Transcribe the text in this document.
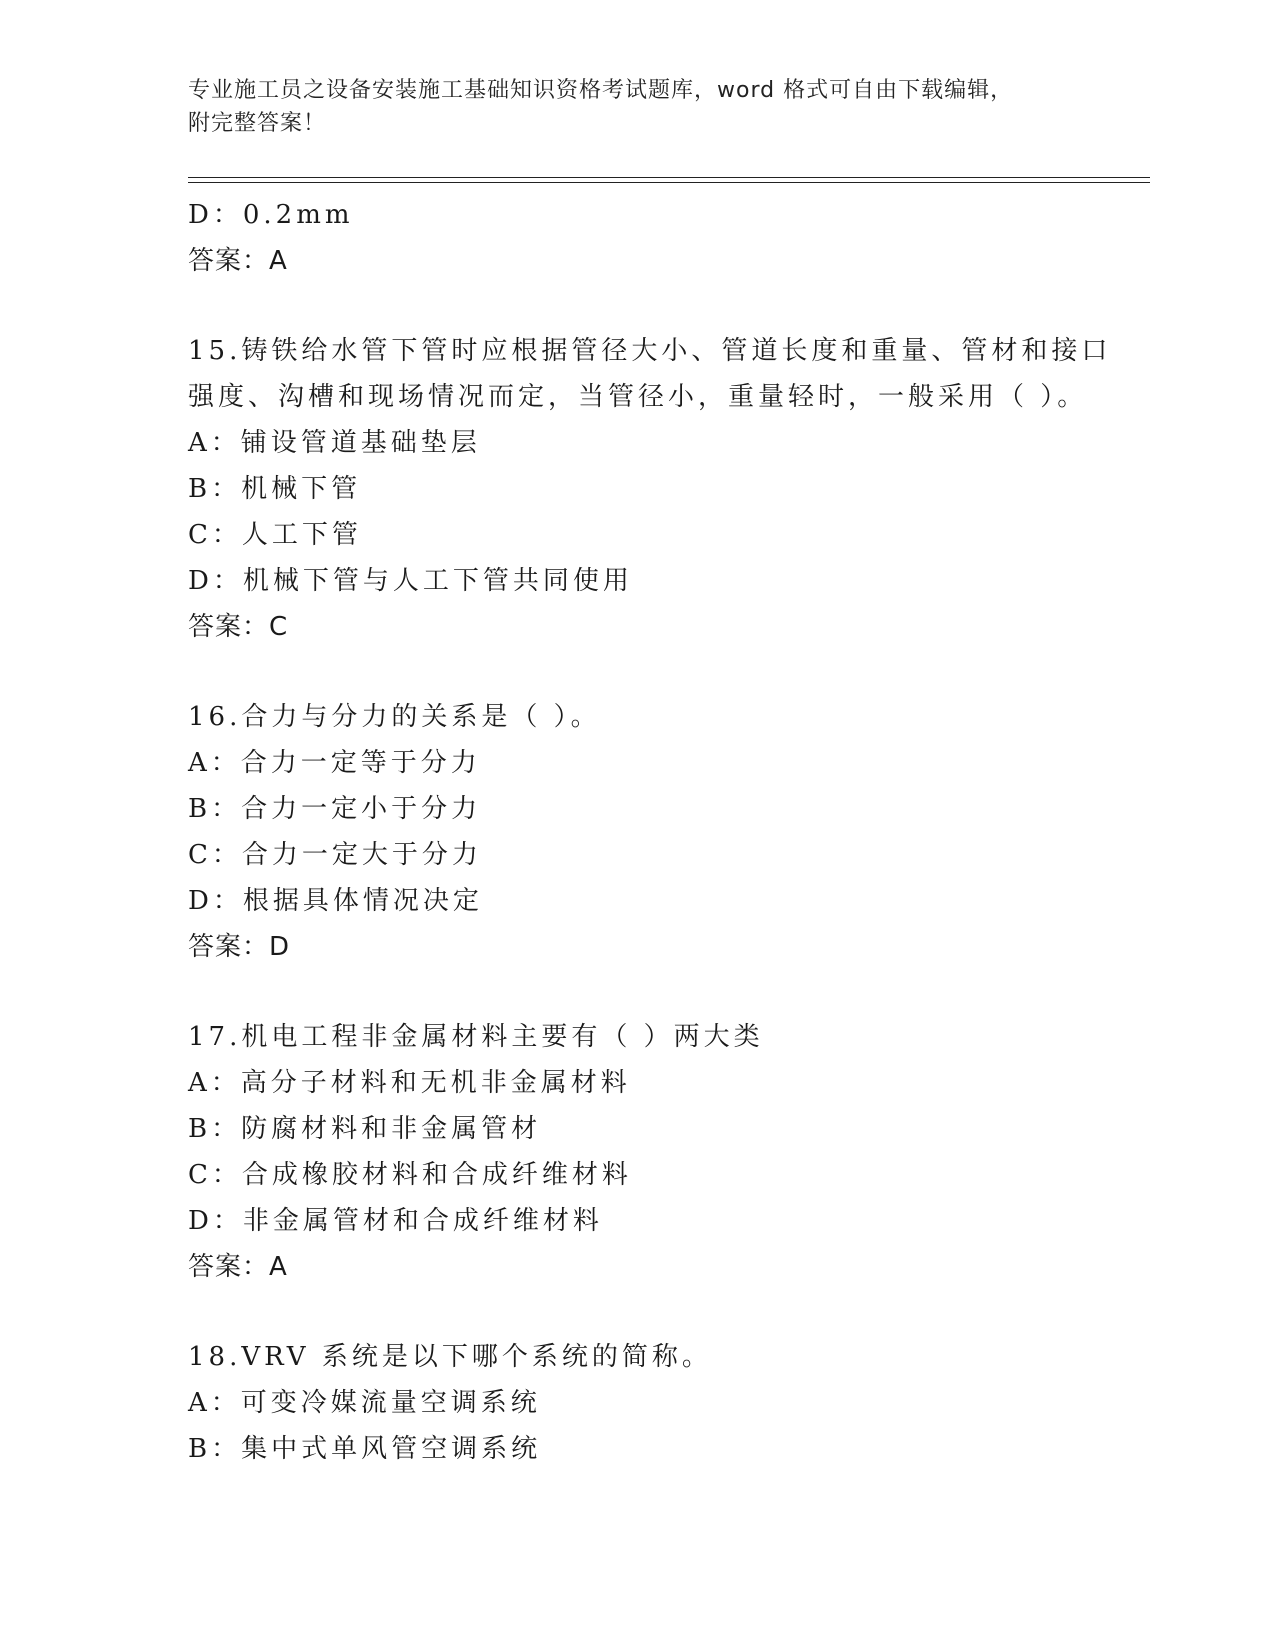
专业施工员之设备安装施工基础知识资格考试题库，word 格式可自由下载编辑，
附完整答案！
D：0.2mm
答案：A
15.铸铁给水管下管时应根据管径大小、管道长度和重量、管材和接口
强度、沟槽和现场情况而定，当管径小，重量轻时，一般采用（ ）。
A：铺设管道基础垫层
B：机械下管
C：人工下管
D：机械下管与人工下管共同使用
答案：C
16.合力与分力的关系是（ ）。
A：合力一定等于分力
B：合力一定小于分力
C：合力一定大于分力
D：根据具体情况决定
答案：D
17.机电工程非金属材料主要有（ ）两大类
A：高分子材料和无机非金属材料
B：防腐材料和非金属管材
C：合成橡胶材料和合成纤维材料
D：非金属管材和合成纤维材料
答案：A
18.VRV 系统是以下哪个系统的简称。
A：可变冷媒流量空调系统
B：集中式单风管空调系统
